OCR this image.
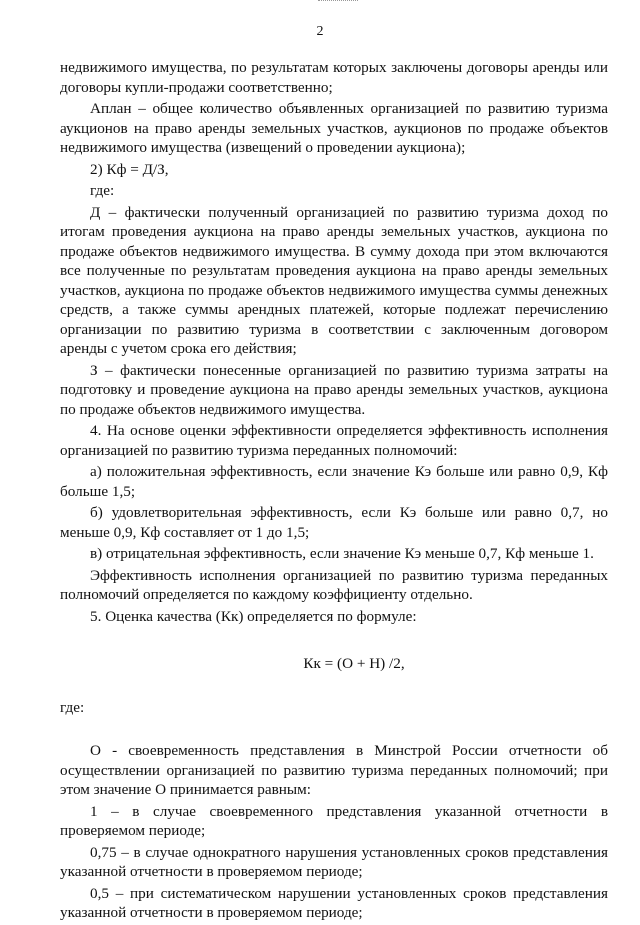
2

недвижимого имущества, по результатам которых заключены договоры аренды или договоры купли-продажи соответственно;

Аплан – общее количество объявленных организацией по развитию туризма аукционов на право аренды земельных участков, аукционов по продаже объектов недвижимого имущества (извещений о проведении аукциона);

2) Кф = Д/З,

где:

Д – фактически полученный организацией по развитию туризма доход по итогам проведения аукциона на право аренды земельных участков, аукциона по продаже объектов недвижимого имущества. В сумму дохода при этом включаются все полученные по результатам проведения аукциона на право аренды земельных участков, аукциона по продаже объектов недвижимого имущества суммы денежных средств, а также суммы арендных платежей, которые подлежат перечислению организации по развитию туризма в соответствии с заключенным договором аренды с учетом срока его действия;

З – фактически понесенные организацией по развитию туризма затраты на подготовку и проведение аукциона на право аренды земельных участков, аукциона по продаже объектов недвижимого имущества.

4. На основе оценки эффективности определяется эффективность исполнения организацией по развитию туризма переданных полномочий:

а) положительная эффективность, если значение Кэ больше или равно 0,9, Кф больше 1,5;

б) удовлетворительная эффективность, если Кэ больше или равно 0,7, но меньше 0,9, Кф составляет от 1 до 1,5;

в) отрицательная эффективность, если значение Кэ меньше 0,7, Кф меньше 1.

Эффективность исполнения организацией по развитию туризма переданных полномочий определяется по каждому коэффициенту отдельно.

5. Оценка качества (Кк) определяется по формуле:

Кк = (О + Н) /2,

где:

О - своевременность представления в Минстрой России отчетности об осуществлении организацией по развитию туризма переданных полномочий; при этом значение О принимается равным:

1 – в случае своевременного представления указанной отчетности в проверяемом периоде;

0,75 – в случае однократного нарушения установленных сроков представления указанной отчетности в проверяемом периоде;

0,5 – при систематическом нарушении установленных сроков представления указанной отчетности в проверяемом периоде;
